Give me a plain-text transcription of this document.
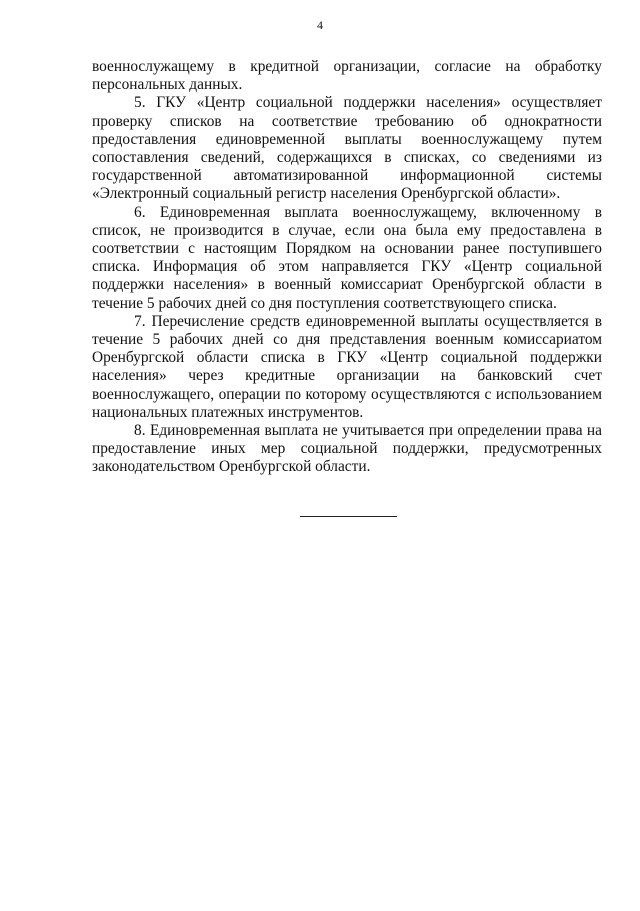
4

военнослужащему в кредитной организации, согласие на обработку персональных данных.

5. ГКУ «Центр социальной поддержки населения» осуществляет проверку списков на соответствие требованию об однократности предоставления единовременной выплаты военнослужащему путем сопоставления сведений, содержащихся в списках, со сведениями из государственной автоматизированной информационной системы «Электронный социальный регистр населения Оренбургской области».

6. Единовременная выплата военнослужащему, включенному в список, не производится в случае, если она была ему предоставлена в соответствии с настоящим Порядком на основании ранее поступившего списка. Информация об этом направляется ГКУ «Центр социальной поддержки населения» в военный комиссариат Оренбургской области в течение 5 рабочих дней со дня поступления соответствующего списка.

7. Перечисление средств единовременной выплаты осуществляется в течение 5 рабочих дней со дня представления военным комиссариатом Оренбургской области списка в ГКУ «Центр социальной поддержки населения» через кредитные организации на банковский счет военнослужащего, операции по которому осуществляются с использованием национальных платежных инструментов.

8. Единовременная выплата не учитывается при определении права на предоставление иных мер социальной поддержки, предусмотренных законодательством Оренбургской области.
